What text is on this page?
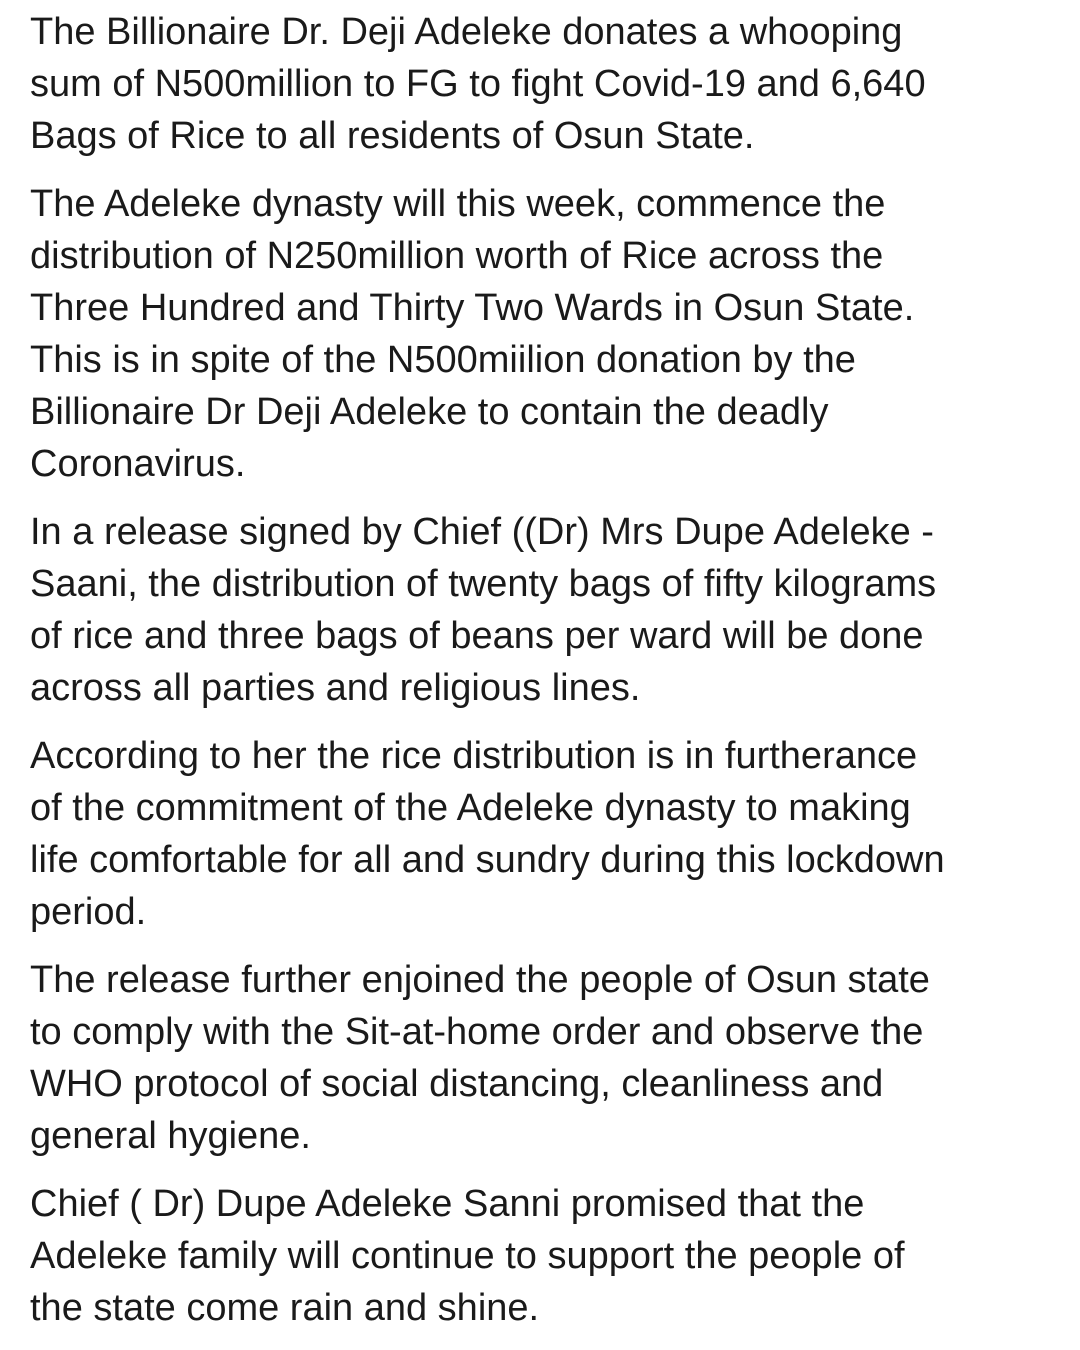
The Billionaire Dr. Deji Adeleke donates a whooping
sum of N500million to FG to fight Covid-19 and 6,640
Bags of Rice to all residents of Osun State.

The Adeleke dynasty will this week, commence the
distribution of N250million worth of Rice across the
Three Hundred and Thirty Two Wards in Osun State.
This is in spite of the N500miilion donation by the
Billionaire Dr Deji Adeleke to contain the deadly
Coronavirus.

In a release signed by Chief ((Dr) Mrs Dupe Adeleke -
Saani, the distribution of twenty bags of fifty kilograms
of rice and three bags of beans per ward will be done
across all parties and religious lines.

According to her the rice distribution is in furtherance
of the commitment of the Adeleke dynasty to making
life comfortable for all and sundry during this lockdown
period.

The release further enjoined the people of Osun state
to comply with the Sit-at-home order and observe the
WHO protocol of social distancing, cleanliness and
general hygiene.

Chief ( Dr) Dupe Adeleke Sanni promised that the
Adeleke family will continue to support the people of
the state come rain and shine.
